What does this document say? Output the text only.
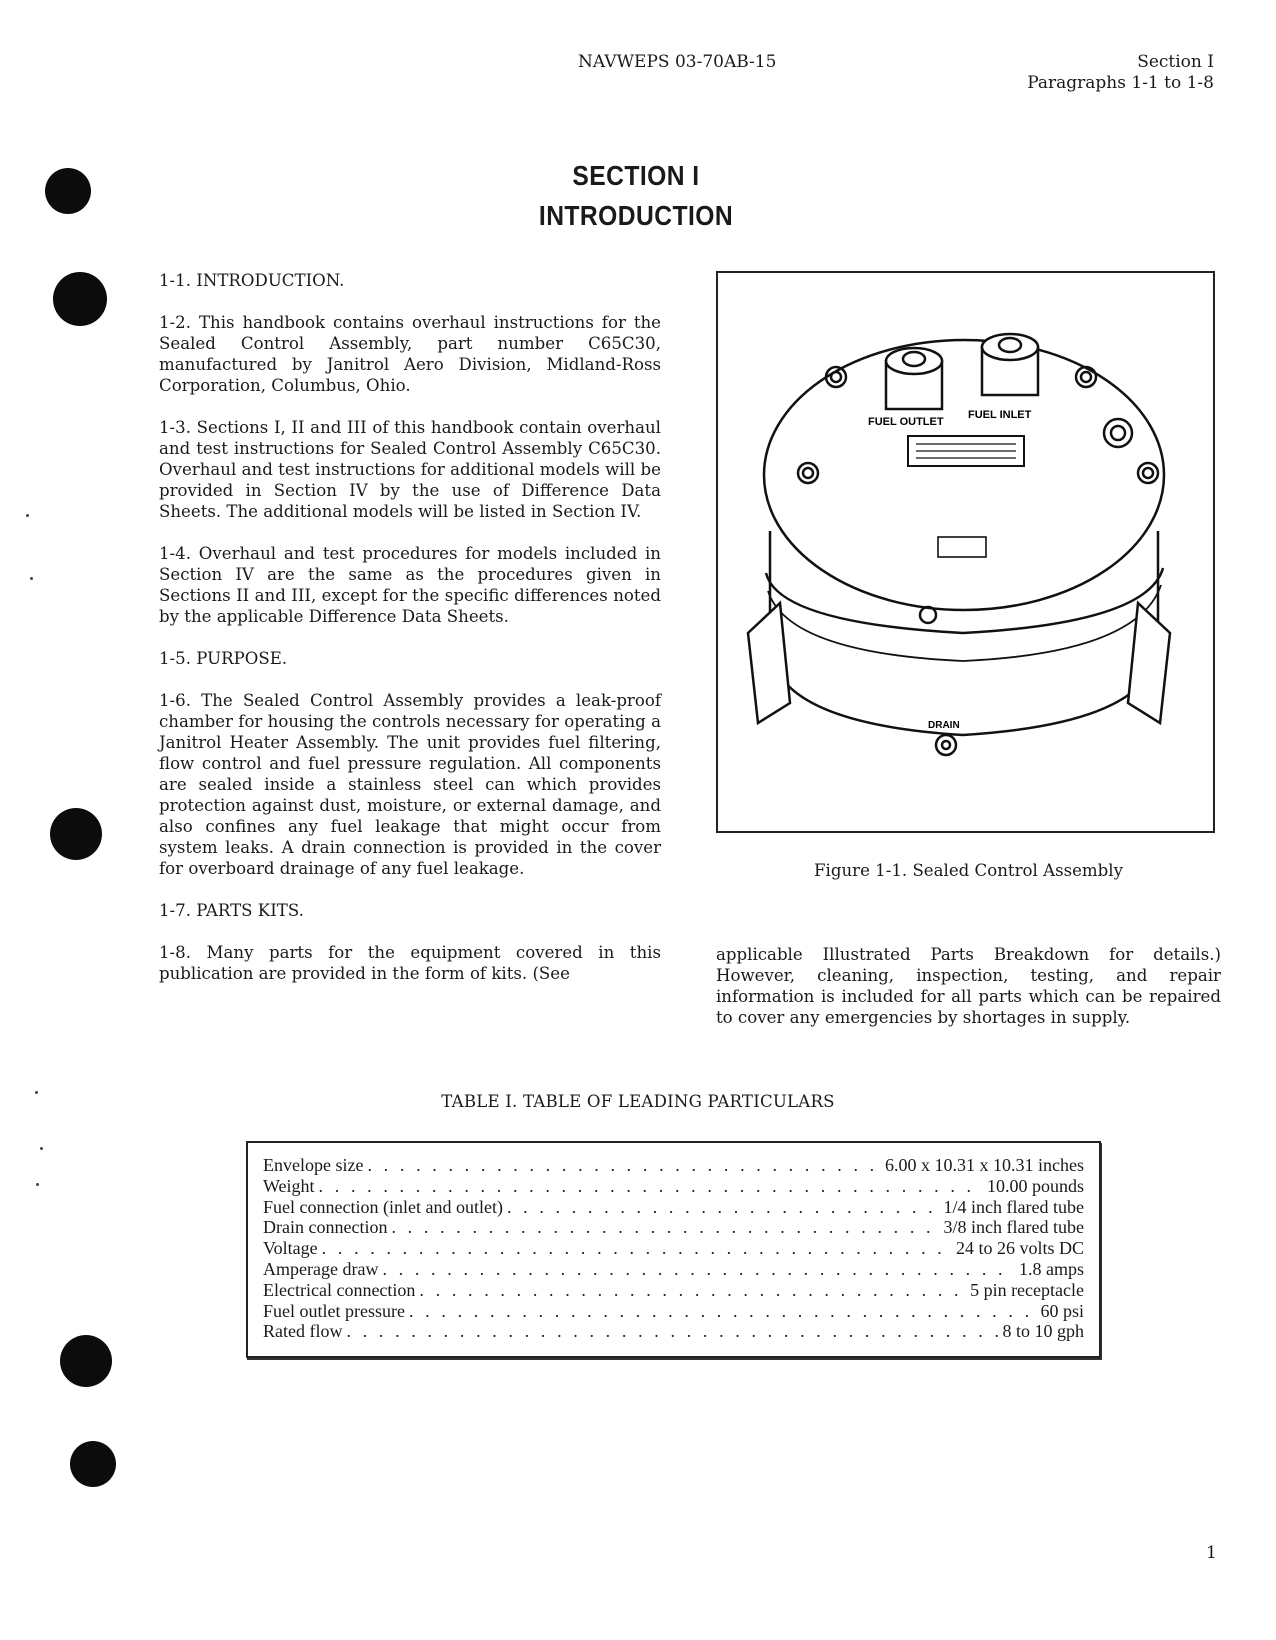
NAVWEPS 03-70AB-15	Section I
Paragraphs 1-1 to 1-8
SECTION I
INTRODUCTION

1-1. INTRODUCTION.

1-2. This handbook contains overhaul instructions for the Sealed Control Assembly, part number C65C30, manufactured by Janitrol Aero Division, Midland-Ross Corporation, Columbus, Ohio.

1-3. Sections I, II and III of this handbook contain overhaul and test instructions for Sealed Control Assembly C65C30. Overhaul and test instructions for additional models will be provided in Section IV by the use of Difference Data Sheets. The additional models will be listed in Section IV.

1-4. Overhaul and test procedures for models included in Section IV are the same as the procedures given in Sections II and III, except for the specific differences noted by the applicable Difference Data Sheets.

1-5. PURPOSE.

1-6. The Sealed Control Assembly provides a leak-proof chamber for housing the controls necessary for operating a Janitrol Heater Assembly. The unit provides fuel filtering, flow control and fuel pressure regulation. All components are sealed inside a stainless steel can which provides protection against dust, moisture, or external damage, and also confines any fuel leakage that might occur from system leaks. A drain connection is provided in the cover for overboard drainage of any fuel leakage.

1-7. PARTS KITS.

1-8. Many parts for the equipment covered in this publication are provided in the form of kits. (See

FUEL OUTLET
FUEL INLET
DRAIN
Figure 1-1. Sealed Control Assembly
applicable Illustrated Parts Breakdown for details.) However, cleaning, inspection, testing, and repair information is included for all parts which can be repaired to cover any emergencies by shortages in supply.
TABLE I. TABLE OF LEADING PARTICULARS
Envelope size . . .	6.00 x 10.31 x 10.31 inches
Weight . . .	10.00 pounds
Fuel connection (inlet and outlet) . . .	1/4 inch flared tube
Drain connection . . .	3/8 inch flared tube
Voltage . . .	24 to 26 volts DC
Amperage draw . . .	1.8 amps
Electrical connection . . .	5 pin receptacle
Fuel outlet pressure . . .	60 psi
Rated flow . . .	8 to 10 gph
1
